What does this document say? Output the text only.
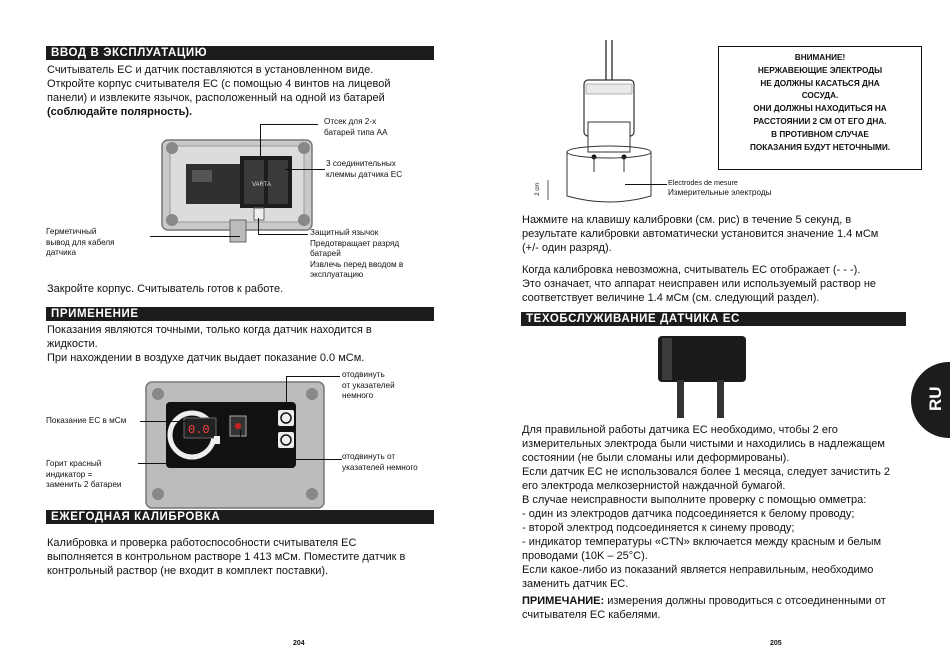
ВВОД В ЭКСПЛУАТАЦИЮ

Считыватель ЕС и датчик поставляются в установленном виде.

Откройте корпус считывателя ЕС (с помощью 4 винтов на лицевой

панели) и извлеките язычок, расположенный на одной из батарей

(соблюдайте полярность).

VARTA

Отсек для 2-х
батарей типа AA

3 соединительных
клеммы датчика ЕС

Герметичный
вывод для кабеля
датчика

Защитный язычок
Предотвращает разряд
батарей
Извлечь перед вводом в
эксплуатацию

Закройте корпус. Считыватель готов к работе.

ПРИМЕНЕНИЕ

Показания являются точными, только когда датчик находится в

жидкости.

При нахождении в воздухе датчик выдает показание 0.0 мСм.

0.0

отодвинуть
от указателей
немного

Показание ЕС в мСм

отодвинуть от
указателей немного

Горит красный
индикатор =
заменить 2 батареи

ЕЖЕГОДНАЯ КАЛИБРОВКА

Калибровка и проверка работоспособности считывателя ЕС

выполняется в контрольном растворе 1 413 мСм. Поместите датчик в

контрольный раствор (не входит в комплект поставки).

204
2 cm

Electrodes de mesure

Измерительные электроды

ВНИМАНИЕ!
НЕРЖАВЕЮЩИЕ ЭЛЕКТРОДЫ
НЕ ДОЛЖНЫ КАСАТЬСЯ ДНА
СОСУДА.
ОНИ ДОЛЖНЫ НАХОДИТЬСЯ НА
РАССТОЯНИИ 2 СМ ОТ ЕГО ДНА.
В ПРОТИВНОМ СЛУЧАЕ
ПОКАЗАНИЯ БУДУТ НЕТОЧНЫМИ.

Нажмите на клавишу калибровки (см. рис) в течение 5 секунд, в

результате калибровки автоматически установится значение 1.4 мСм

(+/- один разряд).

Когда калибровка невозможна, считыватель ЕС отображает (- - -).

Это означает, что аппарат неисправен или используемый раствор не

соответствует величине 1.4 мСм (см. следующий раздел).

ТЕХОБСЛУЖИВАНИЕ ДАТЧИКА ЕС

Для правильной работы датчика ЕС необходимо, чтобы 2 его

измерительных электрода были чистыми и находились в надлежащем

состоянии (не были сломаны или деформированы).

Если датчик ЕС не использовался более 1 месяца, следует зачистить 2

его электрода мелкозернистой наждачной бумагой.

В случае неисправности выполните проверку с помощью омметра:

- один из электродов датчика подсоединяется к белому проводу;

- второй электрод подсоединяется к синему проводу;

- индикатор температуры «CTN» включается между красным и белым

проводами (10K – 25°C).

Если какое-либо из показаний является неправильным, необходимо

заменить датчик ЕС.

ПРИМЕЧАНИЕ: измерения должны проводиться с отсоединенными от

считывателя ЕС кабелями.

205
RU
